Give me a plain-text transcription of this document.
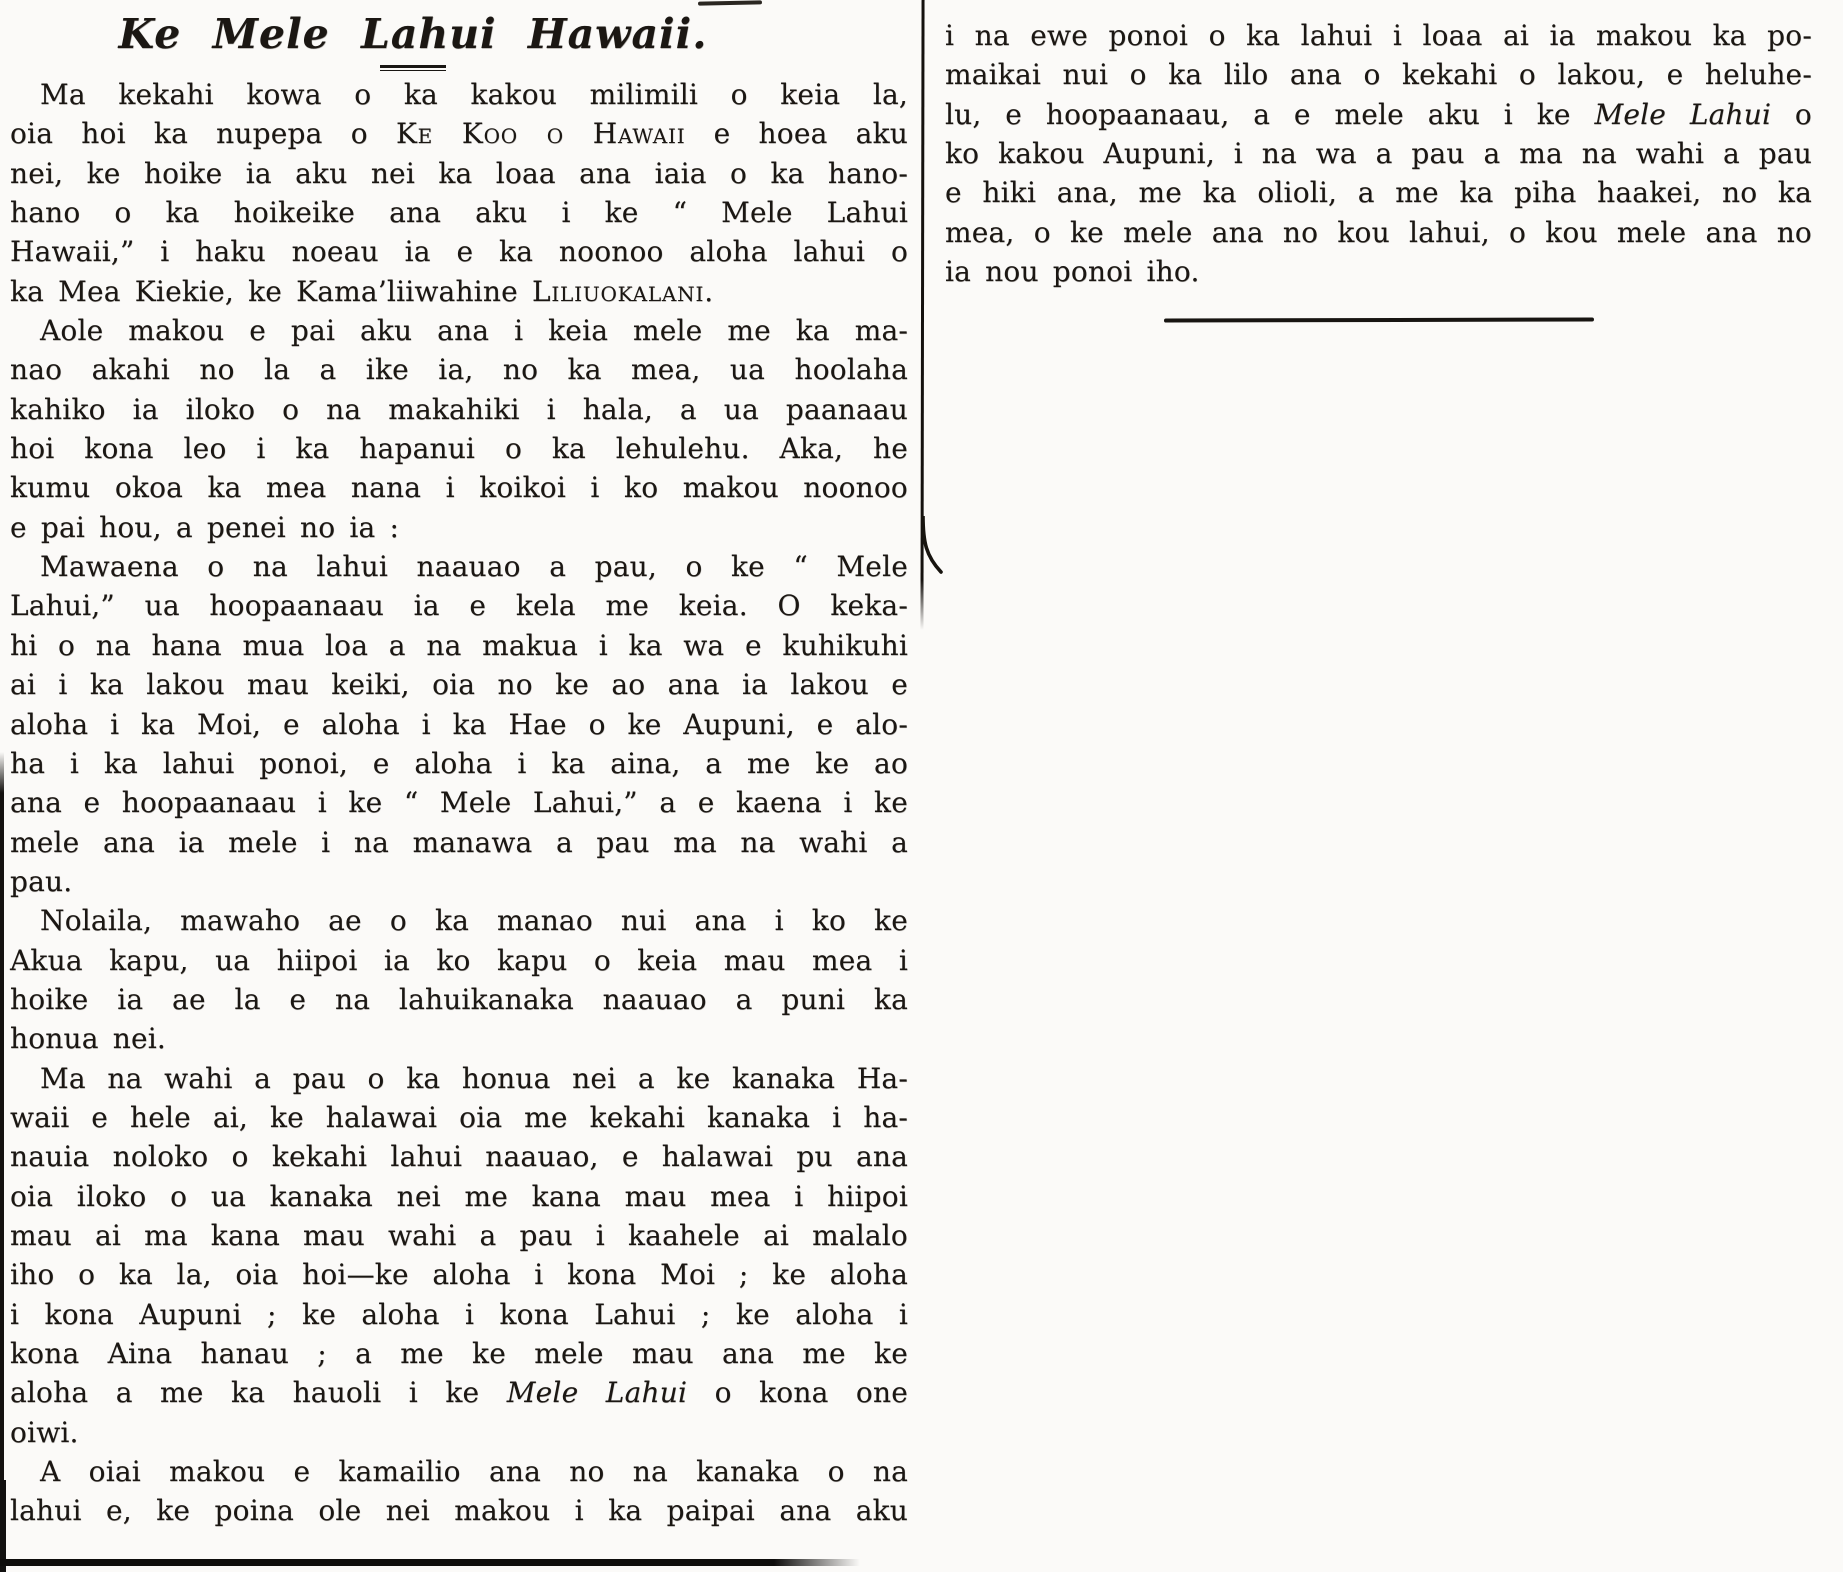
Ke Mele Lahui Hawaii.
Ma kekahi kowa o ka kakou milimili o keia la,
oia hoi ka nupepa o Ke Koo o Hawaii e hoea aku
nei, ke hoike ia aku nei ka loaa ana iaia o ka hano-
hano o ka hoikeike ana aku i ke “ Mele Lahui
Hawaii,” i haku noeau ia e ka noonoo aloha lahui o
ka Mea Kiekie, ke Kama’liiwahine Liliuokalani.
Aole makou e pai aku ana i keia mele me ka ma-
nao akahi no la a ike ia, no ka mea, ua hoolaha
kahiko ia iloko o na makahiki i hala, a ua paanaau
hoi kona leo i ka hapanui o ka lehulehu. Aka, he
kumu okoa ka mea nana i koikoi i ko makou noonoo
e pai hou, a penei no ia :
Mawaena o na lahui naauao a pau, o ke “ Mele
Lahui,” ua hoopaanaau ia e kela me keia. O keka-
hi o na hana mua loa a na makua i ka wa e kuhikuhi
ai i ka lakou mau keiki, oia no ke ao ana ia lakou e
aloha i ka Moi, e aloha i ka Hae o ke Aupuni, e alo-
ha i ka lahui ponoi, e aloha i ka aina, a me ke ao
ana e hoopaanaau i ke “ Mele Lahui,” a e kaena i ke
mele ana ia mele i na manawa a pau ma na wahi a
pau.
Nolaila, mawaho ae o ka manao nui ana i ko ke
Akua kapu, ua hiipoi ia ko kapu o keia mau mea i
hoike ia ae la e na lahuikanaka naauao a puni ka
honua nei.
Ma na wahi a pau o ka honua nei a ke kanaka Ha-
waii e hele ai, ke halawai oia me kekahi kanaka i ha-
nauia noloko o kekahi lahui naauao, e halawai pu ana
oia iloko o ua kanaka nei me kana mau mea i hiipoi
mau ai ma kana mau wahi a pau i kaahele ai malalo
iho o ka la, oia hoi—ke aloha i kona Moi ; ke aloha
i kona Aupuni ; ke aloha i kona Lahui ; ke aloha i
kona Aina hanau ; a me ke mele mau ana me ke
aloha a me ka hauoli i ke Mele Lahui o kona one
oiwi.
A oiai makou e kamailio ana no na kanaka o na
lahui e, ke poina ole nei makou i ka paipai ana aku
i na ewe ponoi o ka lahui i loaa ai ia makou ka po-
maikai nui o ka lilo ana o kekahi o lakou, e heluhe-
lu, e hoopaanaau, a e mele aku i ke Mele Lahui o
ko kakou Aupuni, i na wa a pau a ma na wahi a pau
e hiki ana, me ka olioli, a me ka piha haakei, no ka
mea, o ke mele ana no kou lahui, o kou mele ana no
ia nou ponoi iho.
